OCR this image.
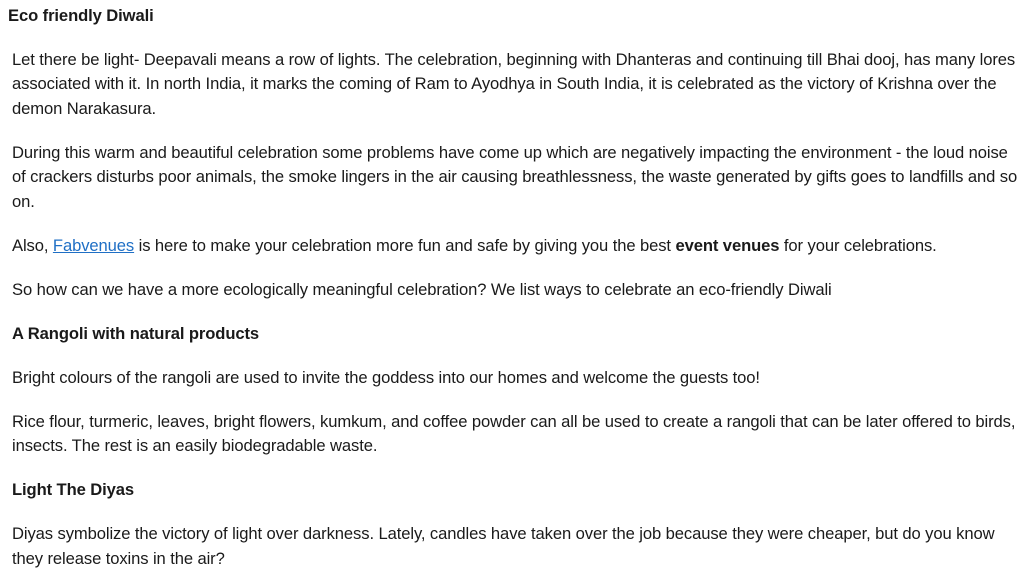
Eco friendly Diwali

Let there be light- Deepavali means a row of lights. The celebration, beginning with Dhanteras and continuing till Bhai dooj, has many lores associated with it. In north India, it marks the coming of Ram to Ayodhya in South India, it is celebrated as the victory of Krishna over the demon Narakasura.

During this warm and beautiful celebration some problems have come up which are negatively impacting the environment - the loud noise of crackers disturbs poor animals, the smoke lingers in the air causing breathlessness, the waste generated by gifts goes to landfills and so on.

Also, Fabvenues is here to make your celebration more fun and safe by giving you the best event venues for your celebrations.

So how can we have a more ecologically meaningful celebration? We list ways to celebrate an eco-friendly Diwali

A Rangoli with natural products

Bright colours of the rangoli are used to invite the goddess into our homes and welcome the guests too!

Rice flour, turmeric, leaves, bright flowers, kumkum, and coffee powder can all be used to create a rangoli that can be later offered to birds, insects. The rest is an easily biodegradable waste.

Light The Diyas

Diyas symbolize the victory of light over darkness. Lately, candles have taken over the job because they were cheaper, but do you know they release toxins in the air?
